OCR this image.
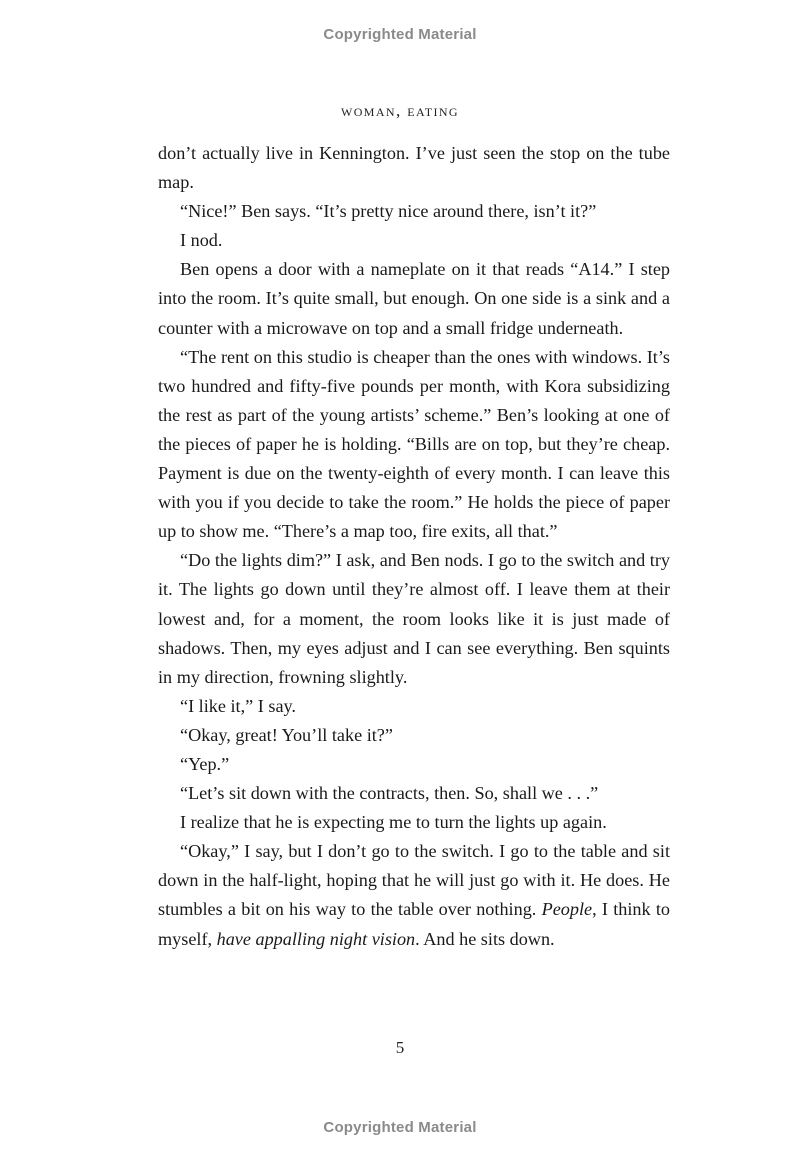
Copyrighted Material
woman, eating

don’t actually live in Kennington. I’ve just seen the stop on the tube map.

“Nice!” Ben says. “It’s pretty nice around there, isn’t it?”

I nod.

Ben opens a door with a nameplate on it that reads “A14.” I step into the room. It’s quite small, but enough. On one side is a sink and a counter with a microwave on top and a small fridge underneath.

“The rent on this studio is cheaper than the ones with windows. It’s two hundred and fifty-five pounds per month, with Kora subsidizing the rest as part of the young artists’ scheme.” Ben’s looking at one of the pieces of paper he is holding. “Bills are on top, but they’re cheap. Payment is due on the twenty-eighth of every month. I can leave this with you if you decide to take the room.” He holds the piece of paper up to show me. “There’s a map too, fire exits, all that.”

“Do the lights dim?” I ask, and Ben nods. I go to the switch and try it. The lights go down until they’re almost off. I leave them at their lowest and, for a moment, the room looks like it is just made of shadows. Then, my eyes adjust and I can see everything. Ben squints in my direction, frowning slightly.

“I like it,” I say.

“Okay, great! You’ll take it?”

“Yep.”

“Let’s sit down with the contracts, then. So, shall we . . .”

I realize that he is expecting me to turn the lights up again.

“Okay,” I say, but I don’t go to the switch. I go to the table and sit down in the half-light, hoping that he will just go with it. He does. He stumbles a bit on his way to the table over nothing. People, I think to myself, have appalling night vision. And he sits down.

5
Copyrighted Material
